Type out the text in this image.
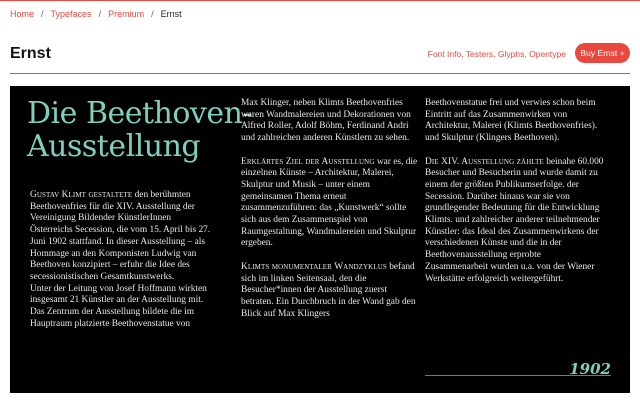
Home / Typefaces / Premium / Ernst
Ernst	Font Info, Testers, Glyphs, Opentype	Buy Ernst +
Die Beethoven-
Ausstellung

Gustav Klimt gestaltete den berühmten Beethovenfries für die XIV. Ausstellung der Vereinigung Bildender KünstlerInnen Österreichs Secession, die vom 15. April bis 27. Juni 1902 stattfand. In dieser Ausstellung – als Hommage an den Komponisten Ludwig van Beethoven konzipiert – erfuhr die Idee des secessionistischen Gesamtkunstwerks.

Unter der Leitung von Josef Hoffmann wirkten insgesamt 21 Künstler an der Ausstellung mit. Das Zentrum der Ausstellung bildete die im Hauptraum platzierte Beethovenstatue von

Max Klinger, neben Klimts Beethovenfries waren Wandmalereien und Dekorationen von Alfred Roller, Adolf Böhm, Ferdinand Andri und zahlreichen anderen Künstlern zu sehen.

Erklärtes Ziel der Ausstellung war es, die einzelnen Künste – Architektur, Malerei, Skulptur und Musik – unter einem gemeinsamen Thema erneut zusammenzuführen: das „Kunstwerk“ sollte sich aus dem Zusammenspiel von Raumgestaltung, Wandmalereien und Skulptur ergeben.

Klimts monumentaler Wandzyklus befand sich im linken Seitensaal, den die Besucher*innen der Ausstellung zuerst betraten. Ein Durchbruch in der Wand gab den Blick auf Max Klingers

Beethovenstatue frei und verwies schon beim Eintritt auf das Zusammenwirken von Architektur, Malerei (Klimts Beethovenfries). und Skulptur (Klingers Beethoven).

Die XIV. Ausstellung zählte beinahe 60.000 Besucher und Besucherin und wurde damit zu einem der größten Publikumserfolge. der Secession. Darüber hinaus war sie von grundlegender Bedeutung für die Entwicklung Klimts. und zahlreicher anderer teilnehmender Künstler: das Ideal des Zusammenwirkens der verschiedenen Künste und die in der Beethovenausstellung erprobte Zusammenarbeit wurden u.a. von der Wiener Werkstätte erfolgreich weitergeführt.

1902
